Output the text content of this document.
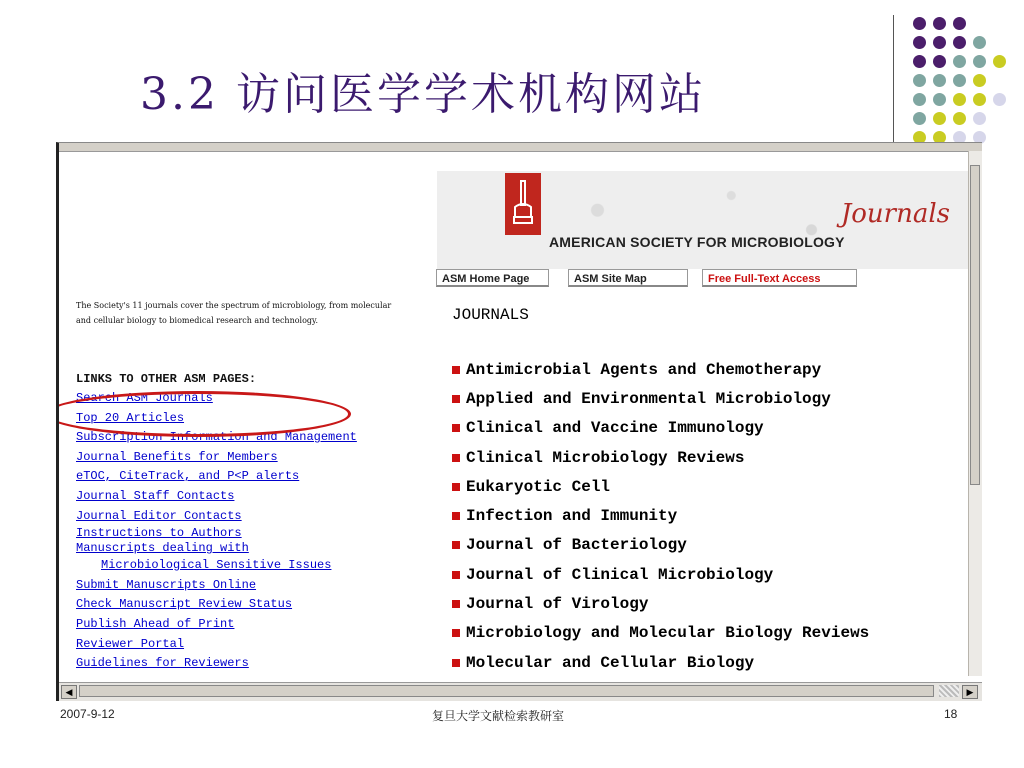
3.2 访问医学学术机构网站
Journals
AMERICAN SOCIETY FOR MICROBIOLOGY
ASM Home Page	ASM Site Map	Free Full-Text Access
The Society's 11 journals cover the spectrum of microbiology, from molecular and cellular biology to biomedical research and technology.
LINKS TO OTHER ASM PAGES:
Search ASM Journals
Top 20 Articles
Subscription Information and Management
Journal Benefits for Members
eTOC, CiteTrack, and P<P alerts
Journal Staff Contacts
Journal Editor Contacts
Instructions to Authors
Manuscripts dealing with
Microbiological Sensitive Issues
Submit Manuscripts Online
Check Manuscript Review Status
Publish Ahead of Print
Reviewer Portal
Guidelines for Reviewers
JOURNALS
Antimicrobial Agents and Chemotherapy
Applied and Environmental Microbiology
Clinical and Vaccine Immunology
Clinical Microbiology Reviews
Eukaryotic Cell
Infection and Immunity
Journal of Bacteriology
Journal of Clinical Microbiology
Journal of Virology
Microbiology and Molecular Biology Reviews
Molecular and Cellular Biology
◀	▶
2007-9-12	复旦大学文献检索教研室	18
